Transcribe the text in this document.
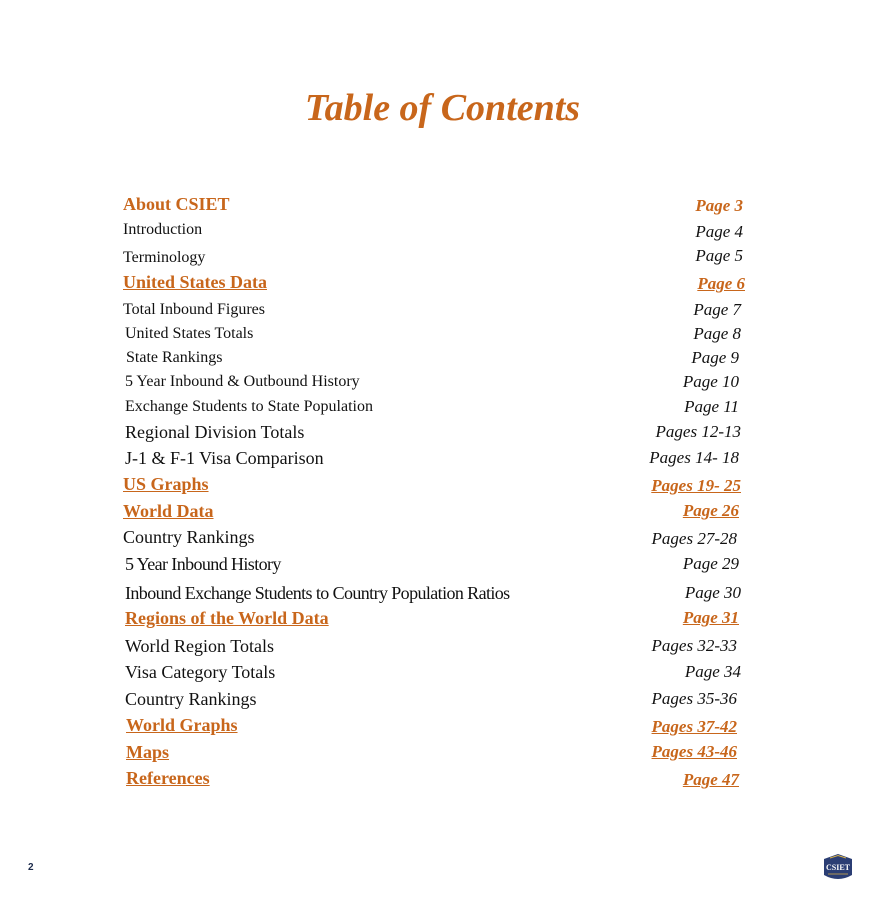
Table of Contents
About CSIET	Page 3
Introduction	Page 4
Terminology	Page 5
United States Data	Page 6
Total Inbound Figures	Page 7
United States Totals	Page 8
State Rankings	Page 9
5 Year Inbound & Outbound History	Page 10
Exchange Students to State Population	Page 11
Regional Division Totals	Pages 12-13
J-1 & F-1 Visa Comparison	Pages 14- 18
US Graphs	Pages 19- 25
World Data	Page 26
Country Rankings	Pages 27-28
5 Year Inbound History	Page 29
Inbound Exchange Students to Country Population Ratios	Page 30
Regions of the World Data	Page 31
World Region Totals	Pages 32-33
Visa Category Totals	Page 34
Country Rankings	Pages 35-36
World Graphs	Pages 37-42
Maps	Pages 43-46
References	Page 47
2	CSIET
